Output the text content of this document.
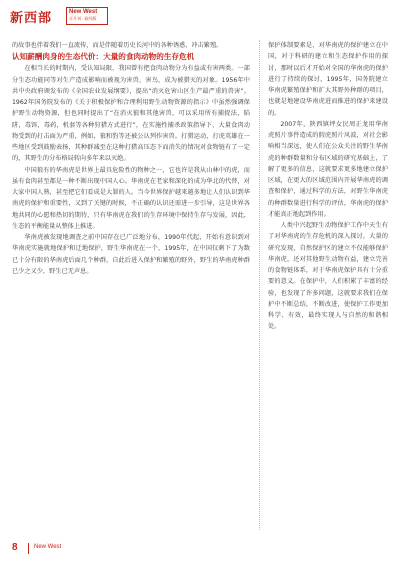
新西部	New West
半月刊 · 政经版

的故事也伴着我们一直流传，而是伴随着历史长河中的各种诱惑，冲击繁殖。

认知薪酬肉身的生态代价：大量的食肉动物的生存危机

在相当长的时期内，受认知局限，我国曾有把食肉动物分为有益或有害两类。一部分生态功能同等对生产造成影响而被视为害兽，害鸟，成为被猎灭的对象。1956年中共中央政府颁发布的《全国农业发展纲要》，提出“消灭危害山区生产最严重的兽害”。1962年国务院发布的《关于积极保护和合理利用野生动物资源的指示》中虽然强调保护野生动物资源，但也同时提出了“在消灭狼和其他害兽，可以采用所有捕捉法，陷阱，毒饵，毒药，机套等各种狩猎方式进行”，在实施性捕杀政策指导下，大量食肉动物受到的打击面为严重，例如，狼和豹等还被公认列作害兽。打猎运动，打虎英雄在一些地区受到鼓励表扬，其种群减至在这种打猎高压态下而消失的情况对食物链有了一定的，其野生的分布格局转向多年来以灭绝。

中国狼有的华南虎是世界上最具危险性的物种之一，它也许是我从山林中的虎，而虽有食肉甚至都是一种不断出现中国人心。华南虎在老家和深化的成为华北的代替，对大家中国人熟，甚至把它们看成是大罪的人。当今世界保护越来越多地让人们认识到华南虎的保护和重要性，又到了关键的时候，不正确的认识还需进一步引导，这是世界各地共同的心愿和热切的期待，只有华南虎在我们的生存环境中保持生存与发展，因此，生态的平衡能量从整体上推进。

华南虎被发现地调查之前中国存在已广泛地分布，1990年代起，开始有意识到对华南虎实施就地保护和迁地保护，野生华南虎在一个，1995年，在中国仅剩下了为数已十分有限的华南虎后面几个种群，自此后进入保护和繁殖的野外，野生的华南虎种群已少之又少，野生已无声息。

保护体制要素是，对华南虎的保护建立在中国，对于科研的建立和生态保护作用的探讨，那时以后才开始对全国的华南虎的保护进行了持续的探讨，1995年，国务院建立华南虎繁殖保护和扩大其野外种群的项目，也就是地建设华南虎进而推进的保护来建设的。

2007年，陕西镇坪女民周正龙用华南虎照片事件造成的假虎照片风波，对社会影响相当深远，使人们在公众关注的野生华南虎的种群数量和分布区域的研究基础上，了解了更多的信息，这就要求更多地建立保护区域，在更大的区域范围内开展华南虎的调查和保护，通过科学的方法，对野生华南虎的种群数量进行科学的评估，华南虎的保护才能真正地起到作用。

人类中兴起野生动物保护工作中天生有了对华南虎的生存危机的深入探讨，大量的研究发现，自然保护区的建立不仅能够保护华南虎，还对其他野生动物有益，建立完善的食物链体系，对于华南虎保护具有十分重要的意义。在保护中，人们积累了丰富的经验，也发现了许多问题，这就要求我们在保护中不断总结，不断改进，使保护工作更加科学、有效，最终实现人与自然的和谐相处。

8	New West
